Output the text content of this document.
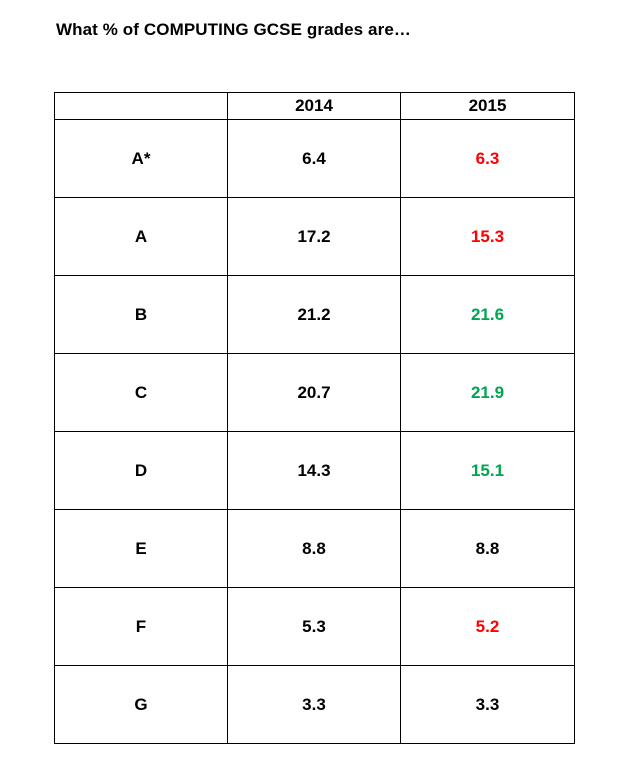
What % of COMPUTING GCSE grades are…
	2014	2015
A*	6.4	6.3
A	17.2	15.3
B	21.2	21.6
C	20.7	21.9
D	14.3	15.1
E	8.8	8.8
F	5.3	5.2
G	3.3	3.3
